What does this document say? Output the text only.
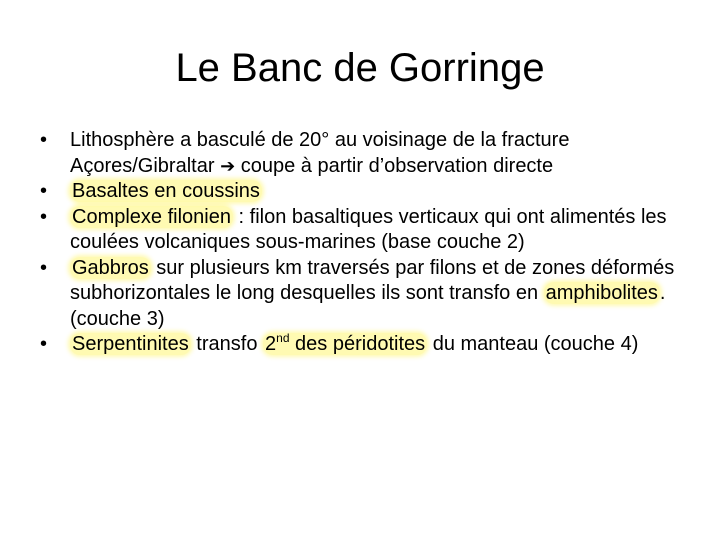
Le Banc de Gorringe
•	Lithosphère a basculé de 20° au voisinage de la fracture Açores/Gibraltar ➔ coupe à partir d’observation directe
•	Basaltes en coussins
•	Complexe filonien : filon basaltiques verticaux qui ont alimentés les coulées volcaniques sous-marines (base couche 2)
•	Gabbros sur plusieurs km traversés par filons et de zones déformés subhorizontales le long desquelles ils sont transfo en amphibolites .(couche 3)
•	Serpentinites transfo 2nd des péridotites du manteau (couche 4)
